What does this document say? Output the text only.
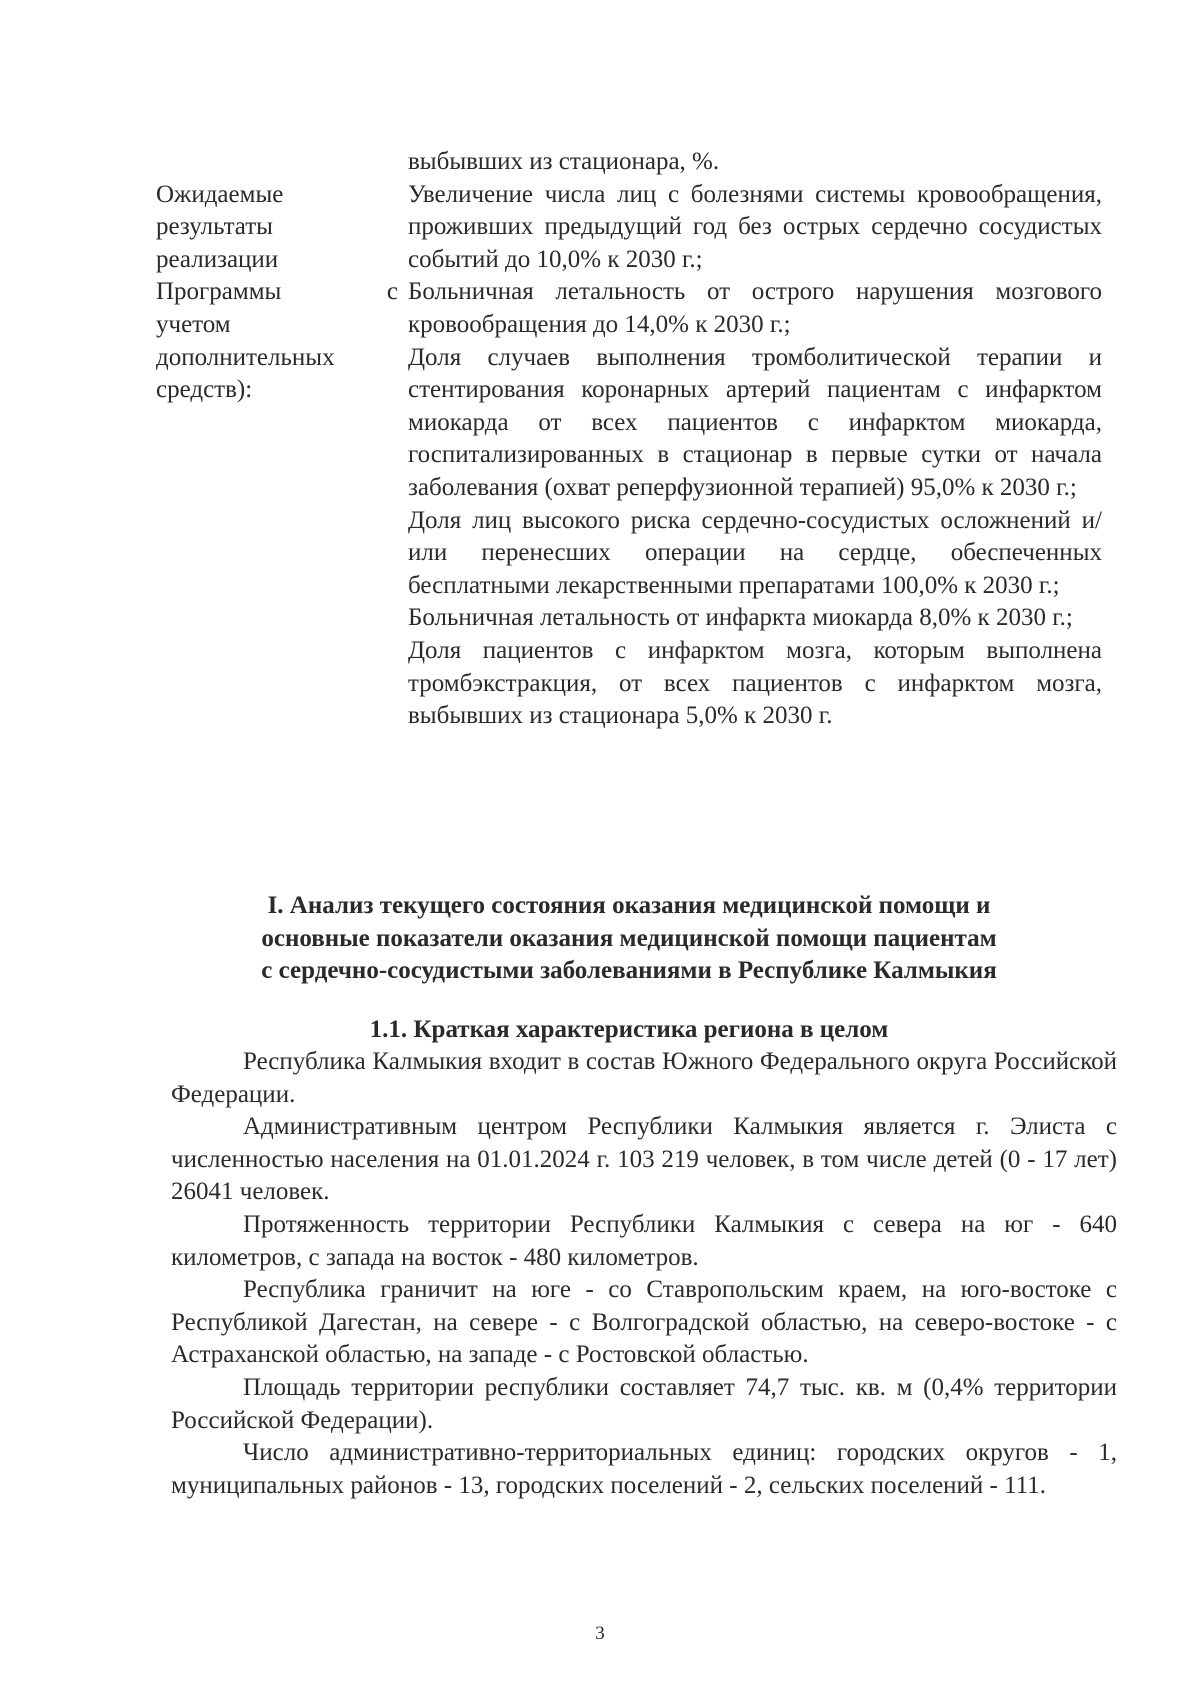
выбывших из стационара, %.

Ожидаемые
результаты
реализации
Программы с
учетом
дополнительных
средств):

Увеличение числа лиц с болезнями системы кровообращения, проживших предыдущий год без острых сердечно сосудистых событий до 10,0% к 2030 г.;

Больничная летальность от острого нарушения мозгового кровообращения до 14,0% к 2030 г.;

Доля случаев выполнения тромболитической терапии и стентирования коронарных артерий пациентам с инфарктом миокарда от всех пациентов с инфарктом миокарда, госпитализированных в стационар в первые сутки от начала заболевания (охват реперфузионной терапией) 95,0% к 2030 г.;

Доля лиц высокого риска сердечно-сосудистых осложнений и/или перенесших операции на сердце, обеспеченных бесплатными лекарственными препаратами 100,0% к 2030 г.;

Больничная летальность от инфаркта миокарда 8,0% к 2030 г.;

Доля пациентов с инфарктом мозга, которым выполнена тромбэкстракция, от всех пациентов с инфарктом мозга, выбывших из стационара 5,0% к 2030 г.

I. Анализ текущего состояния оказания медицинской помощи и
основные показатели оказания медицинской помощи пациентам
с сердечно-сосудистыми заболеваниями в Республике Калмыкия
1.1. Краткая характеристика региона в целом

Республика Калмыкия входит в состав Южного Федерального округа Российской Федерации.

Административным центром Республики Калмыкия является г. Элиста с численностью населения на 01.01.2024 г. 103 219 человек, в том числе детей (0 - 17 лет) 26041 человек.

Протяженность территории Республики Калмыкия с севера на юг - 640 километров, с запада на восток - 480 километров.

Республика граничит на юге - со Ставропольским краем, на юго-востоке с Республикой Дагестан, на севере - с Волгоградской областью, на северо-востоке - с Астраханской областью, на западе - с Ростовской областью.

Площадь территории республики составляет 74,7 тыс. кв. м (0,4% территории Российской Федерации).

Число административно-территориальных единиц: городских округов - 1, муниципальных районов - 13, городских поселений - 2, сельских поселений - 111.

3
